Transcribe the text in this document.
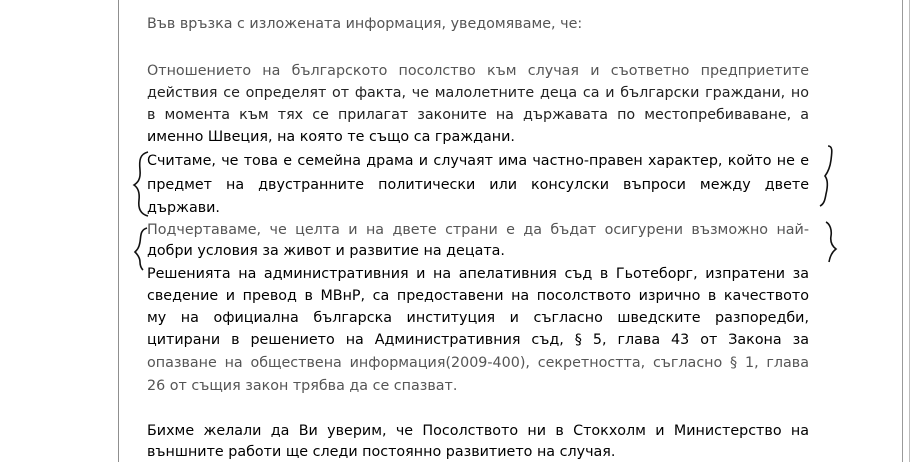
Във връзка с изложената информация, уведомяваме, че:
Отношението на българското посолство към случая и съответно предприетите
действия се определят от факта, че малолетните деца са и български граждани, но
в момента към тях се прилагат законите на държавата по местопребиваване, а
именно Швеция, на която те също са граждани.
Считаме, че това е семейна драма и случаят има частно-правен характер, който не е
предмет на двустранните политически или консулски въпроси между двете
държави.
Подчертаваме, че целта и на двете страни е да бъдат осигурени възможно най-
добри условия за живот и развитие на децата.
Решенията на административния и на апелативния съд в Гьотеборг, изпратени за
сведение и превод в МВнР, са предоставени на посолството изрично в качеството
му на официална българска институция и съгласно шведските разпоредби,
цитирани в решението на Административния съд, § 5, глава 43 от Закона за
опазване на обществена информация(2009-400), секретността, съгласно § 1, глава
26 от същия закон трябва да се спазват.
Бихме желали да Ви уверим, че Посолството ни в Стокхолм и Министерство на
външните работи ще следи постоянно развитието на случая.
